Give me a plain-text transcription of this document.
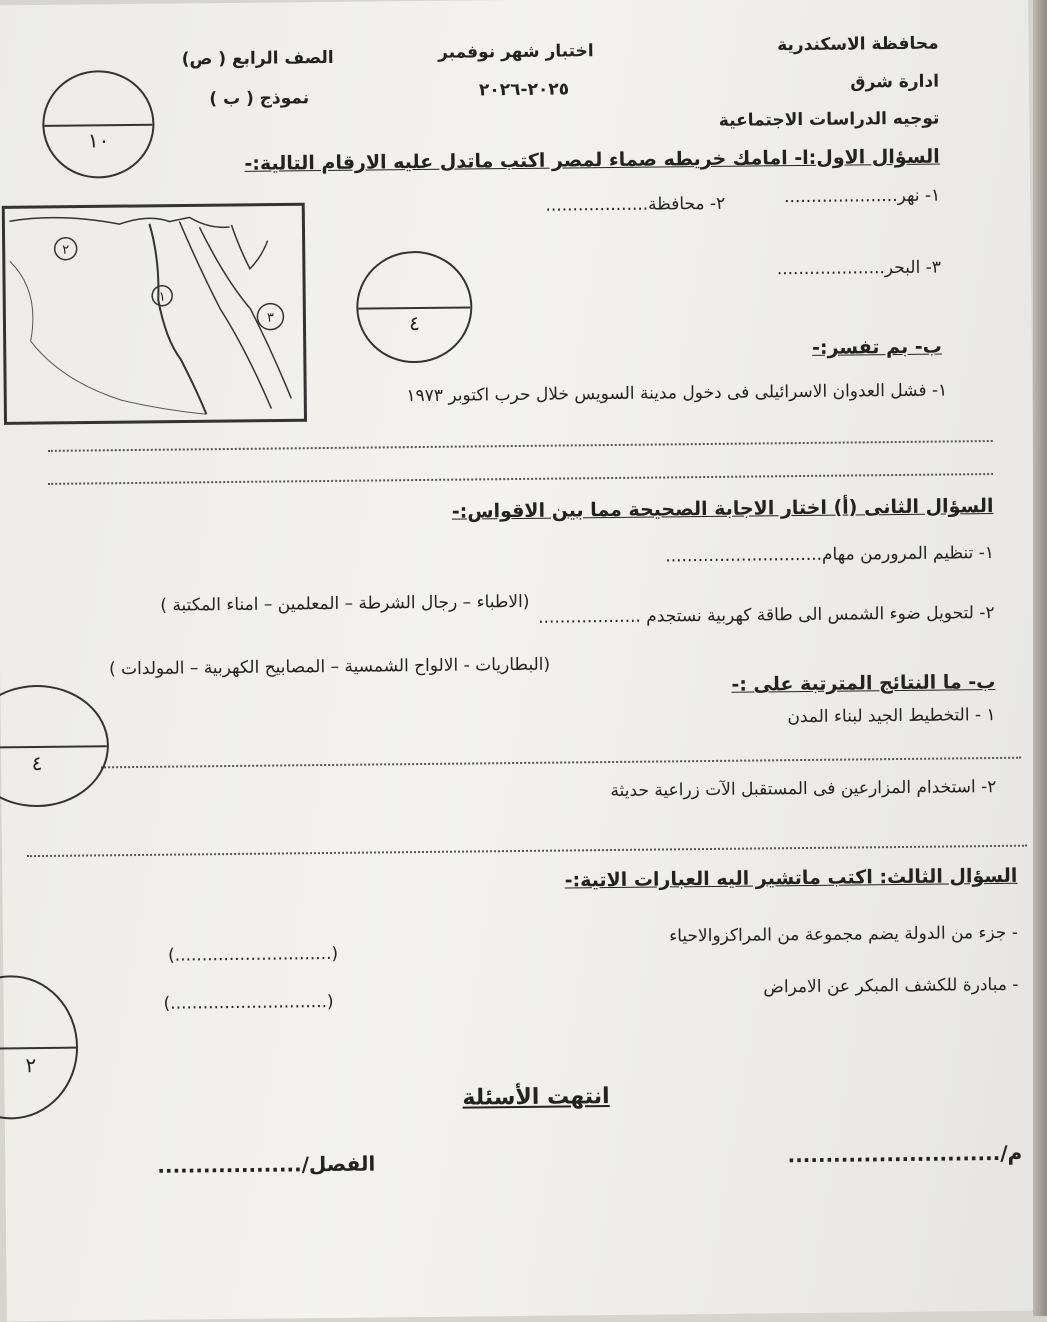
محافظة الاسكندرية
ادارة شرق
توجيه الدراسات الاجتماعية
اختبار شهر نوفمبر
٢٠٢٥-٢٠٢٦
الصف الرابع ( ص)
نموذج ( ب )
١٠
السؤال الاول:ا- امامك خريطه صماء لمصر اكتب ماتدل عليه الارقام التالية:-
١- نهر.....................
٢- محافظة...................
٣- البحر....................
٤
٢
١
٣
ب- بم تفسر:-
١- فشل العدوان الاسرائيلى فى دخول مدينة السويس خلال حرب اكتوبر ١٩٧٣
السؤال الثانى (أ) اختار الاجابة الصحيحة مما بين الاقواس:-
١- تنظيم المرورمن مهام.............................
(الاطباء – رجال الشرطة – المعلمين – امناء المكتبة ) ٢- لتحويل ضوء الشمس الى طاقة كهربية نستجدم ...................
(البطاريات - الالواح الشمسية – المصابيح الكهربية – المولدات )
ب- ما النتائج المترتبة على :-
١ - التخطيط الجيد لبناء المدن
٢- استخدام المزارعين فى المستقبل الآت زراعية حديثة
٤
السؤال الثالث: اكتب ماتشير اليه العبارات الاتية:-
- جزء من الدولة يضم مجموعة من المراكزوالاحياء
(.............................)
- مبادرة للكشف المبكر عن الامراض
(.............................)
٢
انتهت الأسئلة
الفصل/...................	م/............................
